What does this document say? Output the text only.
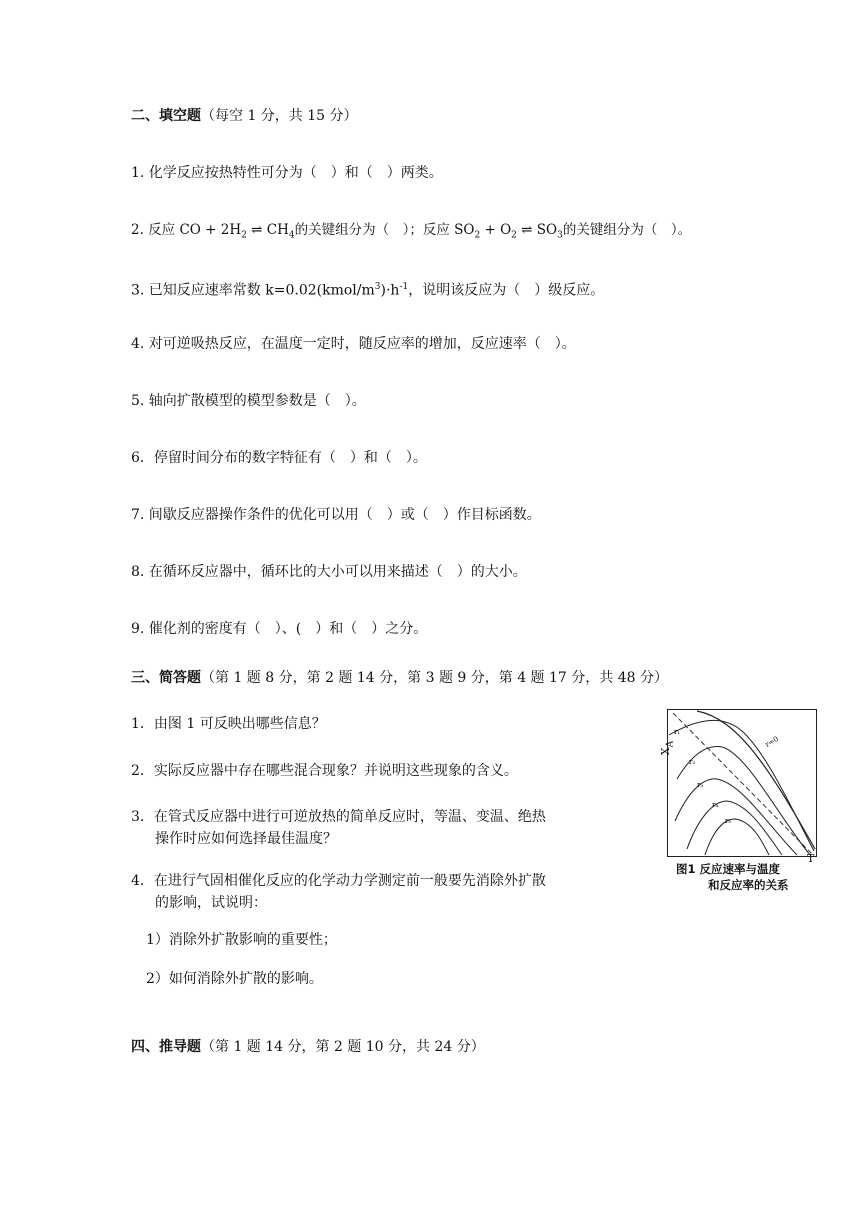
二、填空题（每空 1 分，共 15 分）
1. 化学反应按热特性可分为（　）和（　）两类。
2. 反应 CO + $2H_2$ ⇌ $CH_4$的关键组分为（　）；反应 $SO_2 + O_2$ ⇌ $SO_3$的关键组分为（　）。
3. 已知反应速率常数 $k=0.02(kmol/m^3)\cdot h^{-1}$，说明该反应为（　）级反应。
4. 对可逆吸热反应，在温度一定时，随反应率的增加，反应速率（　）。
5. 轴向扩散模型的模型参数是（　）。
6．停留时间分布的数字特征有（　）和（　）。
7. 间歇反应器操作条件的优化可以用（　）或（　）作目标函数。
8. 在循环反应器中，循环比的大小可以用来描述（　）的大小。
9. 催化剂的密度有（　）、(　）和（　）之分。
三、简答题（第 1 题 8 分，第 2 题 14 分，第 3 题 9 分，第 4 题 17 分，共 48 分）
1．由图 1 可反映出哪些信息？
2．实际反应器中存在哪些混合现象？并说明这些现象的含义。
3．在管式反应器中进行可逆放热的简单反应时，等温、变温、绝热
操作时应如何选择最佳温度？
4．在进行气固相催化反应的化学动力学测定前一般要先消除外扩散
的影响，试说明：
1）消除外扩散影响的重要性；
2）如何消除外扩散的影响。
四、推导题（第 1 题 14 分，第 2 题 10 分，共 24 分）
r=0
r₁
r₂
r₃
r₄
r₅
$X_A$
T
图1 反应速率与温度
和反应率的关系
